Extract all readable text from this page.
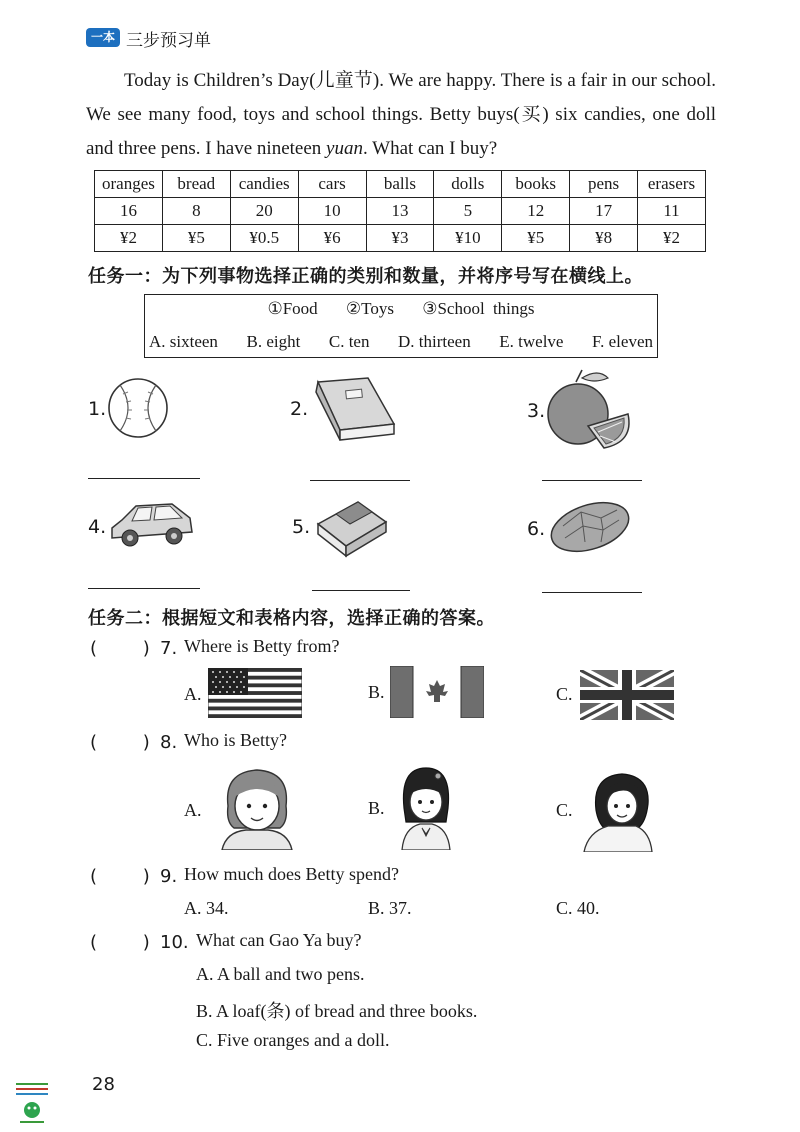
一本 三步预习单
Today is Children’s Day(儿童节). We are happy. There is a fair in our school. We see many food, toys and school things. Betty buys(买) six candies, one doll and three pens. I have nineteen yuan. What can I buy?
oranges	bread	candies	cars	balls	dolls	books	pens	erasers
16	8	20	10	13	5	12	17	11
¥2	¥5	¥0.5	¥6	¥3	¥10	¥5	¥8	¥2
任务一：为下列事物选择正确的类别和数量，并将序号写在横线上。
①Food ②Toys ③School things
A. sixteen B. eight C. ten D. thirteen E. twelve F. eleven
1.	2.	3.
4.	5.	6.
任务二：根据短文和表格内容，选择正确的答案。
(        ) 7. Where is Betty from?
A.	B.	C.
(        ) 8. Who is Betty?
A.	B.	C.
(        ) 9. How much does Betty spend?
A. 34.	B. 37.	C. 40.
(        ) 10. What can Gao Ya buy?
A. A ball and two pens.
B. A loaf(条) of bread and three books.
C. Five oranges and a doll.
28
